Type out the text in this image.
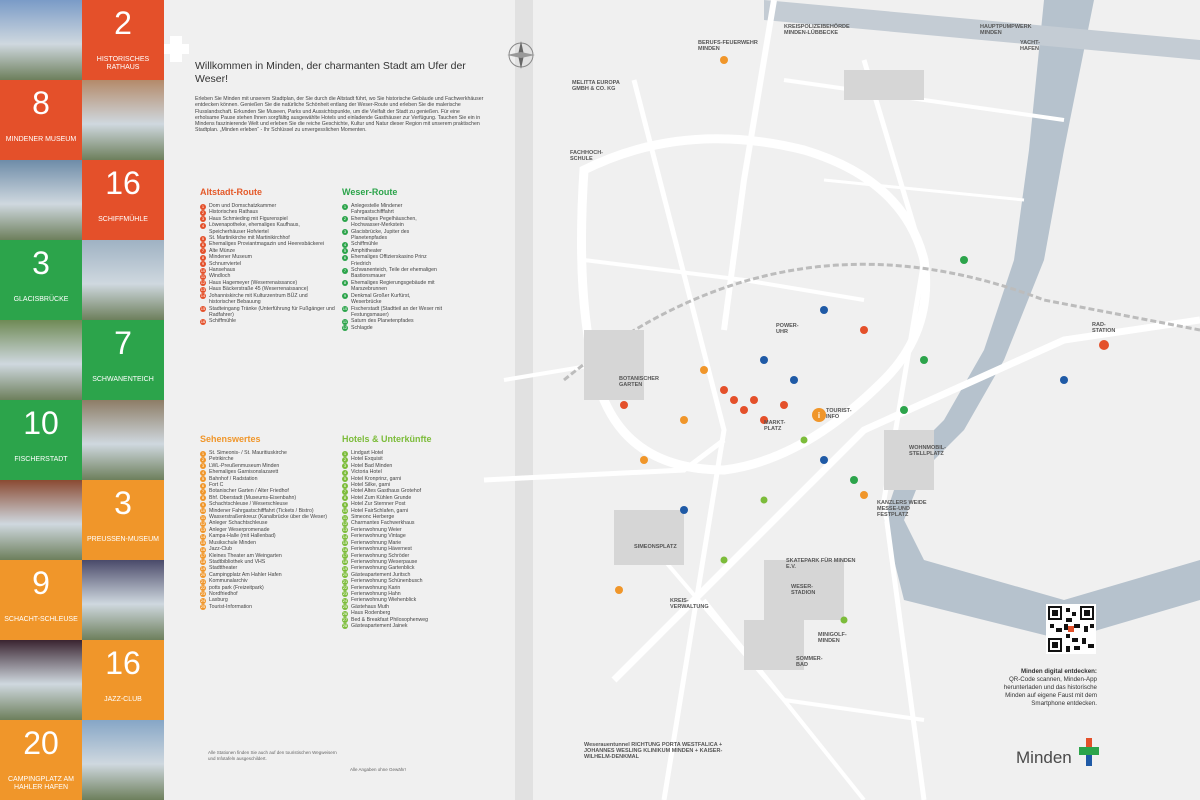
2
HISTORISCHES RATHAUS
8
MINDENER MUSEUM
16
SCHIFFMÜHLE
3
GLACISBRÜCKE
7
SCHWANENTEICH
10
FISCHERSTADT
3
PREUSSEN-MUSEUM
9
SCHACHT-SCHLEUSE
16
JAZZ-CLUB
20
CAMPINGPLATZ AM HAHLER HAFEN
i
BOTANISCHER GARTEN
SIMEONSPLATZ
KREIS-VERWALTUNG
WESER-STADION
SKATEPARK FÜR MINDEN E.V.
MINIGOLF-MINDEN
SOMMER-BAD
BERUFS-FEUERWEHR MINDEN
KREISPOLIZEIBEHÖRDE MINDEN-LÜBBECKE
HAUPTPUMPWERK MINDEN
YACHT-HAFEN
MELITTA EUROPA GMBH & CO. KG
FACHHOCH-SCHULE
RAD-STATION
KANZLERS WEIDE MESSE-UND FESTPLATZ
WOHNMOBIL-STELLPLATZ
MARKT-PLATZ
TOURIST-INFO
POWER-UHR
Weserauentunnel RICHTUNG PORTA WESTFALICA + JOHANNES WESLING KLINIKUM MINDEN + KAISER-WILHELM-DENKMAL

Willkommen in Minden, der charmanten Stadt am Ufer der Weser!

Erleben Sie Minden mit unserem Stadtplan, der Sie durch die Altstadt führt, wo Sie historische Gebäude und Fachwerkhäuser entdecken können. Genießen Sie die natürliche Schönheit entlang der Weser-Route und erleben Sie die malerische Flusslandschaft. Erkunden Sie Museen, Parks und Aussichtspunkte, um die Vielfalt der Stadt zu genießen. Für eine erholsame Pause stehen Ihnen sorgfältig ausgewählte Hotels und einladende Gasthäuser zur Verfügung. Tauchen Sie ein in Mindens faszinierende Welt und erleben Sie die reiche Geschichte, Kultur und Natur dieser Region mit unserem praktischen Stadtplan. „Minden erleben“ - Ihr Schlüssel zu unvergesslichen Momenten.
Altstadt-Route
1 Dom und Domschatzkammer
2 Historisches Rathaus
3 Haus Schmieding mit Figurenspiel
4 Löwenapotheke, ehemaliges Kaufhaus, Speicherhäuser Hofviertel
5 St. Martinikirche mit Martinikirchhof
6 Ehemaliges Proviantmagazin und Heeresbäckerei
7 Alte Münze
8 Mindener Museum
9 Schnurrviertel
10 Hansehaus
11 Windloch
12 Haus Hagemeyer (Weserrenaissance)
13 Haus Bäckerstraße 45 (Weserrenaissance)
14 Johanniskirche mit Kulturzentrum BÜZ und historischer Bebauung
15 Stadteingang Tränke (Unterführung für Fußgänger und Radfahrer)
16 Schiffmühle
Weser-Route
1 Anlegestelle Mindener Fahrgastschifffahrt
2 Ehemaliges Pegelhäuschen, Hochwasser-Merkstein
3 Glacisbrücke, Jupiter des Planetenpfades
4 Schiffmühle
5 Amphitheater
6 Ehemaliges Offizierskasino Prinz Friedrich
7 Schwanenteich, Teile der ehemaligen Bastionsmauer
8 Ehemaliges Regierungsgebäude mit Marszebrunnen
9 Denkmal Großer Kurfürst, Weserbrücke
10 Fischerstadt (Stadtteil an der Weser mit Festungsmauer)
11 Saturn des Planetenpfades
12 Schlagde
Sehenswertes
1 St. Simeonis- / St. Mauritiuskirche
2 Petrikirche
3 LWL-Preußenmuseum Minden
4 Ehemaliges Garnisonslazarett
5 Bahnhof / Radstation
6 Fort C
7 Botanischer Garten / Alter Friedhof
8 Bhf. Oberstadt (Museums-Eisenbahn)
9 Schachtschleuse / Weserschleuse
10 Mindener Fahrgastschifffahrt (Tickets / Bistro)
11 Wasserstraßenkreuz (Kanalbrücke über die Weser)
12 Anleger Schachtschleuse
13 Anleger Weserpromenade
14 Kampa-Halle (mit Hallenbad)
15 Musikschule Minden
16 Jazz-Club
17 Kleines Theater am Weingarten
18 Stadtbibliothek und VHS
19 Stadttheater
20 Campingplatz Am Hahler Hafen
21 Kommunalarchiv
22 potts park (Freizeitpark)
23 Nordfriedhof
24 Laxburg
25 Tourist-Information
Alle Stationen finden Sie auch auf den touristischen Wegweisern und Infotafeln ausgeschildert.
Hotels & Unterkünfte
1 Lindgart Hotel
2 Hotel Exquisit
3 Hotel Bad Minden
4 Victoria Hotel
5 Hotel Kronprinz, garni
6 Hotel Silke, garni
7 Hotel Altes Gasthaus Grotehof
8 Hotel Zum Kühlen Grunde
9 Hotel Zur Sternner Post
10 Hotel FairSchlafen, garni
11 Simeonc Herberge
12 Charmantes Fachwerkhaus
13 Ferienwohnung Weier
14 Ferienwohnung Vintage
15 Ferienwohnung Marie
16 Ferienwohnung Hävernest
17 Ferienwohnung Schröder
18 Ferienwohnung Weserpause
19 Ferienwohnung Gartenblick
20 Gästeapartement Juritsch
21 Ferienwohnung Schünenbusch
22 Ferienwohnung Karin
23 Ferienwohnung Hahn
24 Ferienwohnung Wiehenblick
25 Gästehaus Muth
26 Haus Rodenberg
27 Bed & Breakfast Philosophenweg
28 Gästeapartement Jainek
Alle Angaben ohne Gewähr!
Minden digital entdecken:
QR-Code scannen, Minden-App herunterladen und das historische Minden auf eigene Faust mit dem Smartphone entdecken.
Minden
